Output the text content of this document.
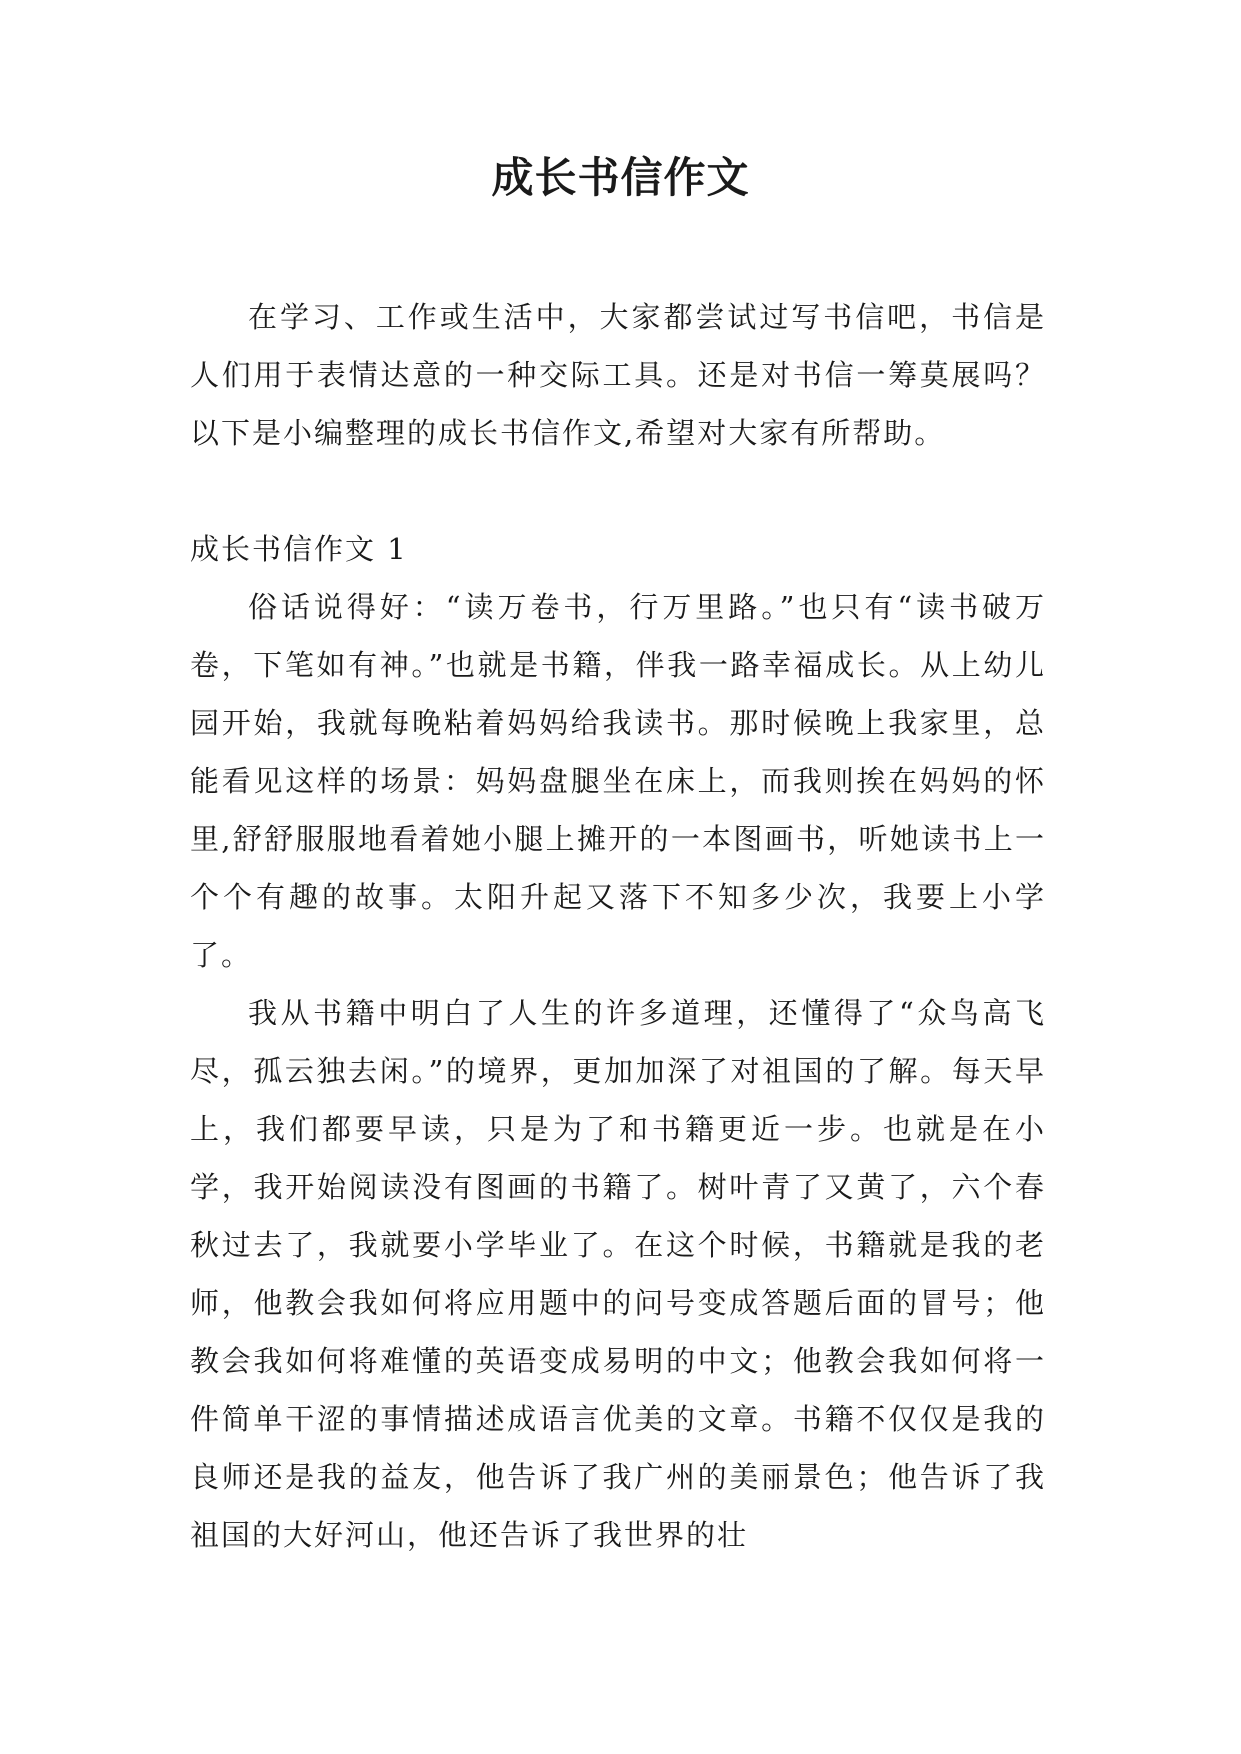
成长书信作文

在学习、工作或生活中，大家都尝试过写书信吧，书信是人们用于表情达意的一种交际工具。还是对书信一筹莫展吗？以下是小编整理的成长书信作文,希望对大家有所帮助。

成长书信作文 1

俗话说得好：“读万卷书，行万里路。”也只有“读书破万卷，下笔如有神。”也就是书籍，伴我一路幸福成长。从上幼儿园开始，我就每晚粘着妈妈给我读书。那时候晚上我家里，总能看见这样的场景：妈妈盘腿坐在床上，而我则挨在妈妈的怀里,舒舒服服地看着她小腿上摊开的一本图画书，听她读书上一个个有趣的故事。太阳升起又落下不知多少次，我要上小学了。

我从书籍中明白了人生的许多道理，还懂得了“众鸟高飞尽，孤云独去闲。”的境界，更加加深了对祖国的了解。每天早上，我们都要早读，只是为了和书籍更近一步。也就是在小学，我开始阅读没有图画的书籍了。树叶青了又黄了，六个春秋过去了，我就要小学毕业了。在这个时候，书籍就是我的老师，他教会我如何将应用题中的问号变成答题后面的冒号；他教会我如何将难懂的英语变成易明的中文；他教会我如何将一件简单干涩的事情描述成语言优美的文章。书籍不仅仅是我的良师还是我的益友，他告诉了我广州的美丽景色；他告诉了我祖国的大好河山，他还告诉了我世界的壮
